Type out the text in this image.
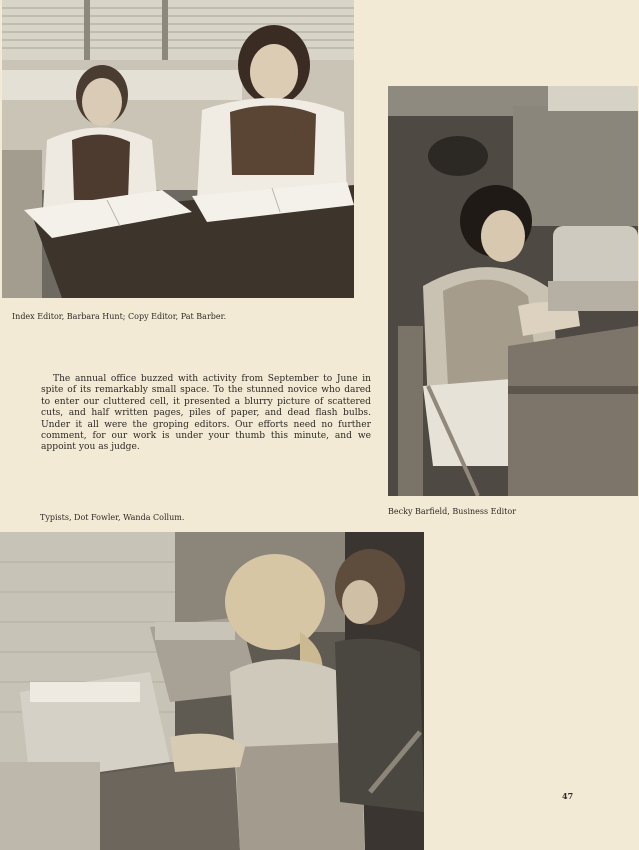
Index Editor, Barbara Hunt; Copy Editor, Pat Barber.
Becky Barfield, Business Editor
Typists, Dot Fowler, Wanda Collum.

The annual office buzzed with activity from September to June in spite of its remarkably small space. To the stunned novice who dared to enter our cluttered cell, it presented a blurry picture of scattered cuts, and half written pages, piles of paper, and dead flash bulbs. Under it all were the groping editors. Our efforts need no further comment, for our work is under your thumb this minute, and we appoint you as judge.

47
